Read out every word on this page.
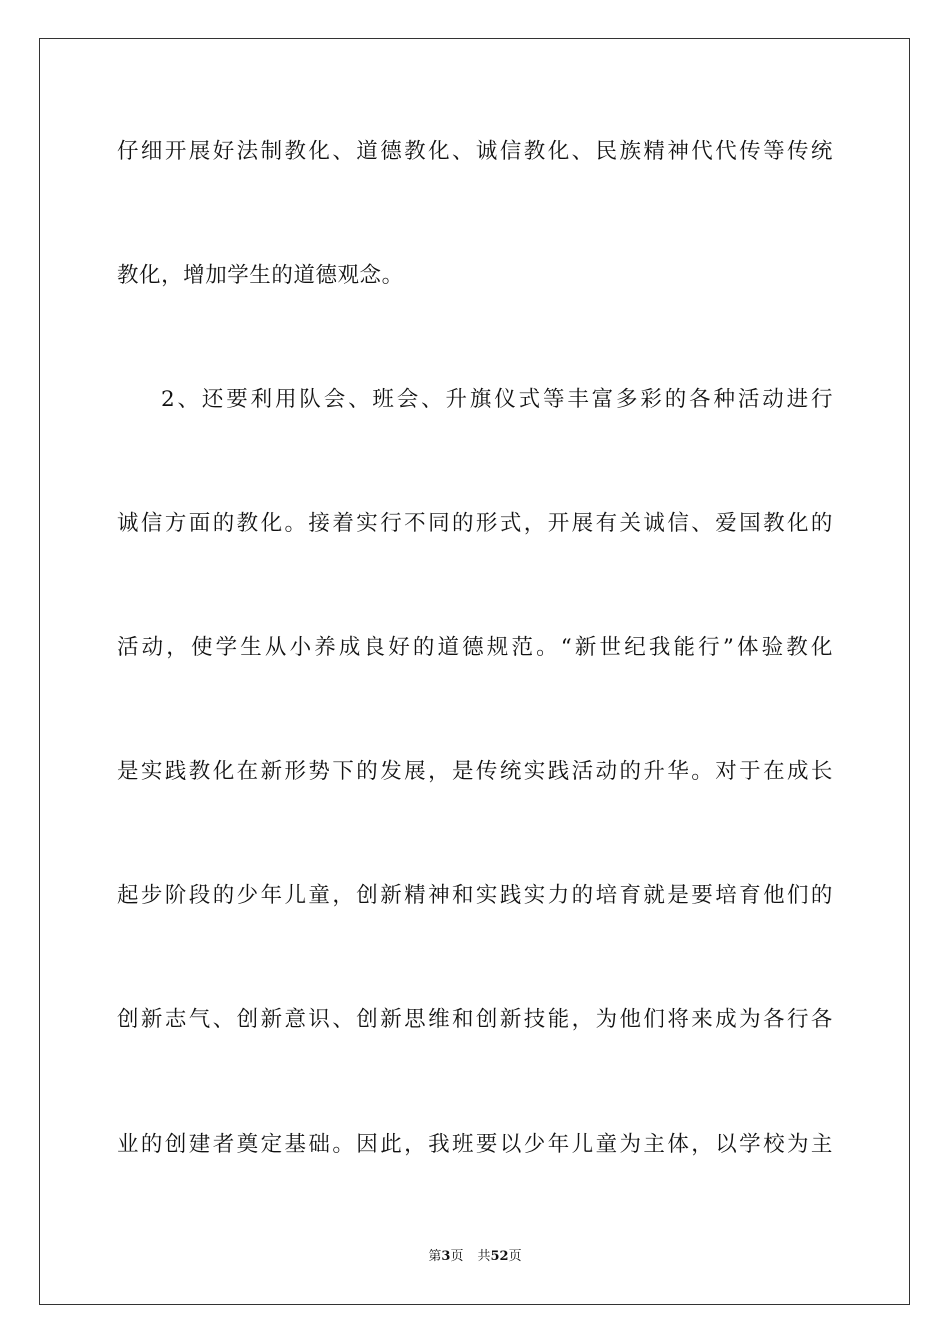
仔细开展好法制教化、道德教化、诚信教化、民族精神代代传等传统
教化，增加学生的道德观念。
2、还要利用队会、班会、升旗仪式等丰富多彩的各种活动进行
诚信方面的教化。接着实行不同的形式，开展有关诚信、爱国教化的
活动，使学生从小养成良好的道德规范。“新世纪我能行”体验教化
是实践教化在新形势下的发展，是传统实践活动的升华。对于在成长
起步阶段的少年儿童，创新精神和实践实力的培育就是要培育他们的
创新志气、创新意识、创新思维和创新技能，为他们将来成为各行各
业的创建者奠定基础。因此，我班要以少年儿童为主体，以学校为主
第3页 共52页
